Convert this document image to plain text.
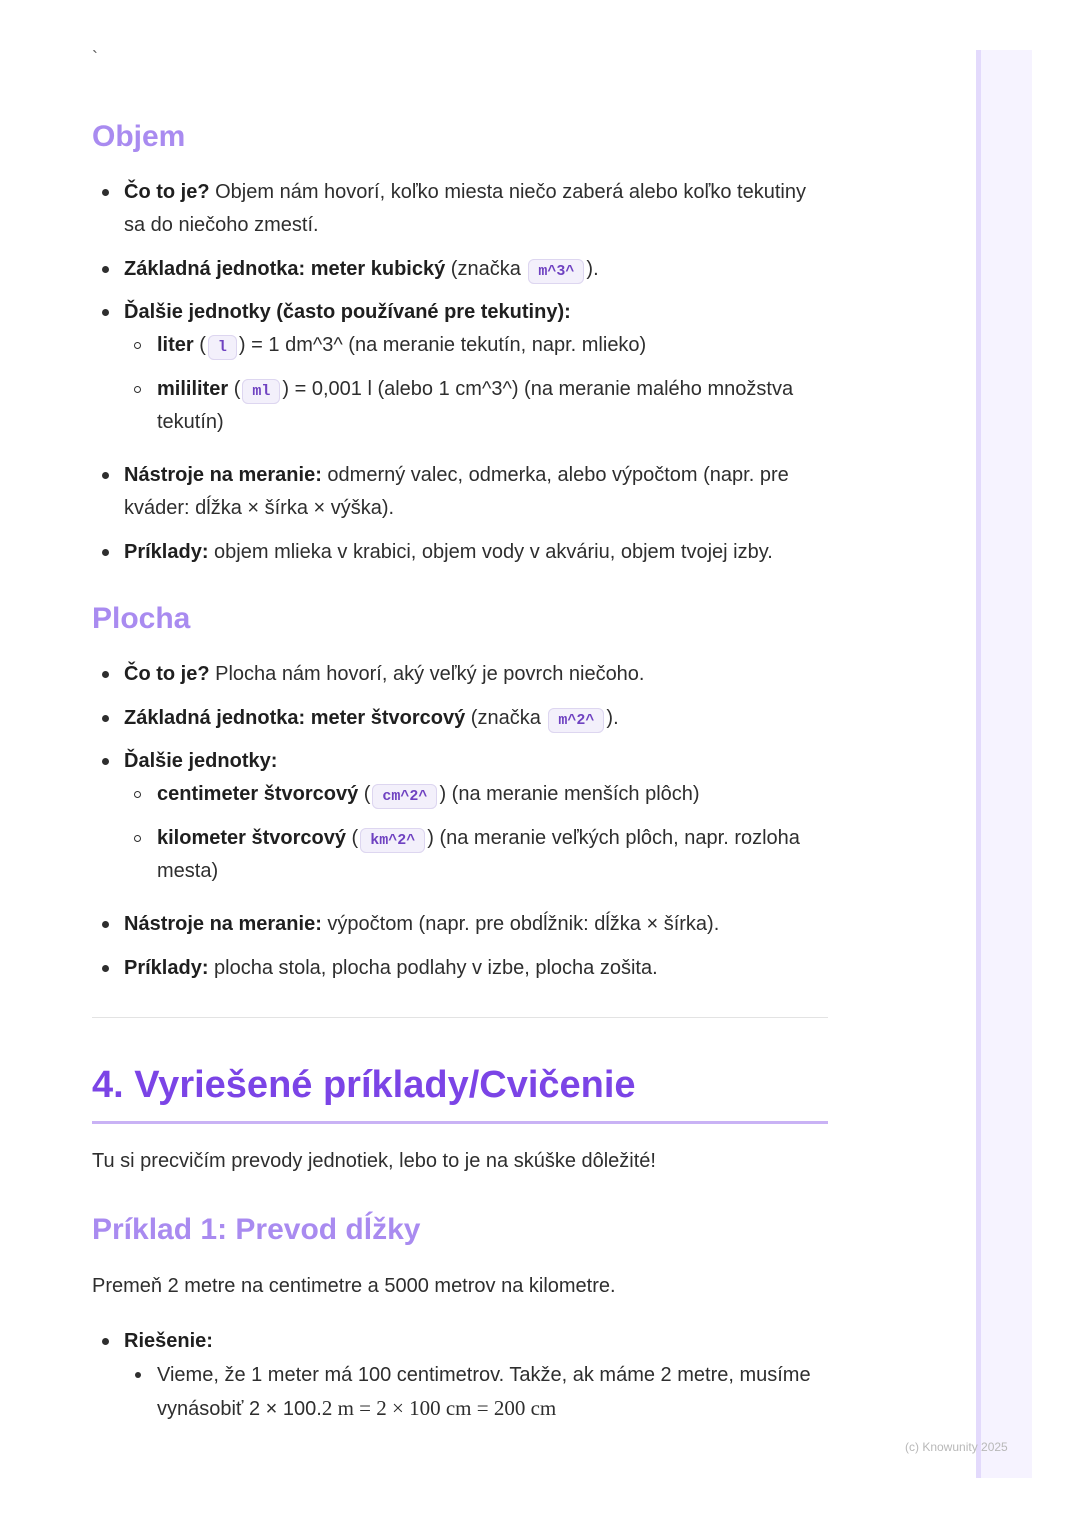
`
Objem
Čo to je? Objem nám hovorí, koľko miesta niečo zaberá alebo koľko tekutiny
sa do niečoho zmestí.
Základná jednotka: meter kubický (značka m^3^ ).
Ďalšie jednotky (často používané pre tekutiny):
liter ( l ) = 1 dm^3^ (na meranie tekutín, napr. mlieko)
mililiter ( ml ) = 0,001 l (alebo 1 cm^3^) (na meranie malého množstva
tekutín)
Nástroje na meranie: odmerný valec, odmerka, alebo výpočtom (napr. pre
kváder: dĺžka × šírka × výška).
Príklady: objem mlieka v krabici, objem vody v akváriu, objem tvojej izby.
Plocha
Čo to je? Plocha nám hovorí, aký veľký je povrch niečoho.
Základná jednotka: meter štvorcový (značka m^2^ ).
Ďalšie jednotky:
centimeter štvorcový ( cm^2^ ) (na meranie menších plôch)
kilometer štvorcový ( km^2^ ) (na meranie veľkých plôch, napr. rozloha
mesta)
Nástroje na meranie: výpočtom (napr. pre obdĺžnik: dĺžka × šírka).
Príklady: plocha stola, plocha podlahy v izbe, plocha zošita.
4. Vyriešené príklady/Cvičenie
Tu si precvičím prevody jednotiek, lebo to je na skúške dôležité!
Príklad 1: Prevod dĺžky
Premeň 2 metre na centimetre a 5000 metrov na kilometre.
Riešenie:
Vieme, že 1 meter má 100 centimetrov. Takže, ak máme 2 metre, musíme
vynásobiť 2 × 100.2 m = 2 × 100 cm = 200 cm
(c) Knowunity 2025
